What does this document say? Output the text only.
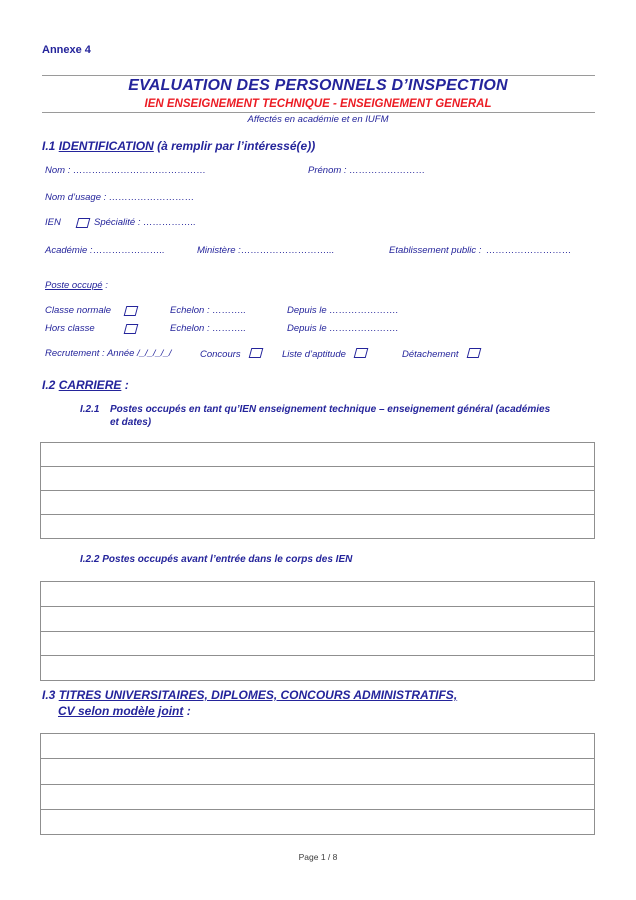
Annexe 4
EVALUATION DES PERSONNELS D’INSPECTION
IEN ENSEIGNEMENT TECHNIQUE - ENSEIGNEMENT GENERAL
Affectés en académie et en IUFM
I.1 IDENTIFICATION (à remplir par l’intéressé(e))
Nom : ……………………………………	Prénom : ……………………
Nom d’usage : ………………………
IEN	Spécialité : ……………..
Académie : …………………..	Ministère : ………………………...	Etablissement public : ………………………
Poste occupé :
Classe normale	Echelon : ………..	Depuis le ………………….
Hors classe	Echelon : ………..	Depuis le ………………….
Recrutement : Année /_/_/_/_/	Concours	Liste d’aptitude	Détachement
I.2 CARRIERE :
I.2.1 Postes occupés en tant qu’IEN enseignement technique – enseignement général (académies
et dates)
I.2.2 Postes occupés avant l’entrée dans le corps des IEN
I.3 TITRES UNIVERSITAIRES, DIPLOMES, CONCOURS ADMINISTRATIFS,
CV selon modèle joint :
Page 1 / 8
